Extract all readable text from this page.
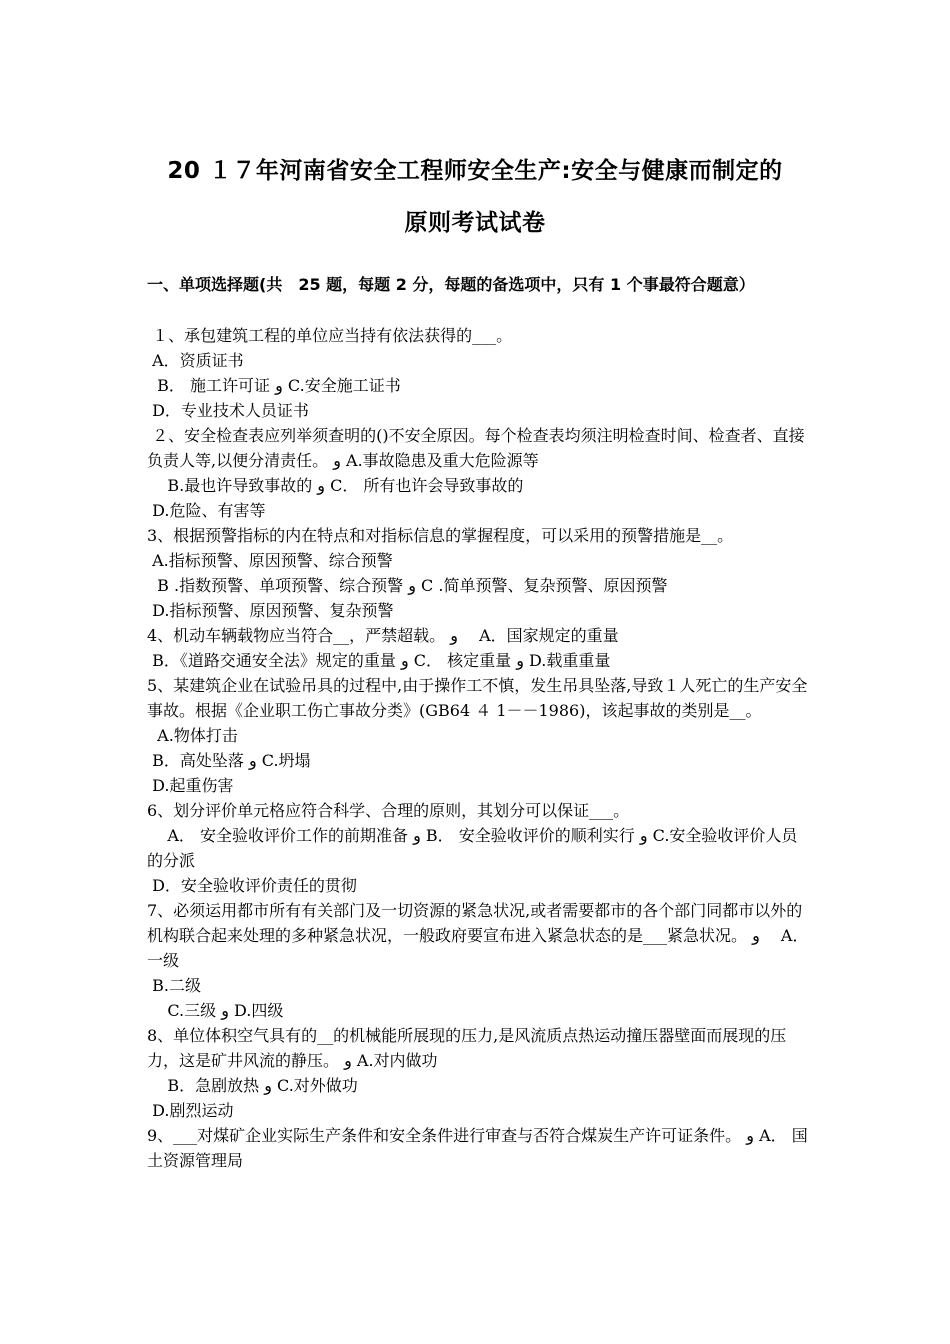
20 １７年河南省安全工程师安全生产:安全与健康而制定的
原则考试试卷
一、单项选择题(共　25 题，每题 2 分，每题的备选项中，只有 1 个事最符合题意）
１、承包建筑工程的单位应当持有依法获得的___。
A．资质证书
B． 施工许可证 و C.安全施工证书
D．专业技术人员证书
２、安全检查表应列举须查明的()不安全原因。每个检查表均须注明检查时间、检查者、直接负责人等,以便分清责任。 و A.事故隐患及重大危险源等
B.最也许导致事故的 و C． 所有也许会导致事故的
D.危险、有害等
3、根据预警指标的内在特点和对指标信息的掌握程度，可以采用的预警措施是__。
A.指标预警、原因预警、综合预警
B .指数预警、单项预警、综合预警 و C .简单预警、复杂预警、原因预警
D.指标预警、原因预警、复杂预警
4、机动车辆载物应当符合__，严禁超载。 و 　A．国家规定的重量
B．《道路交通安全法》规定的重量 و C． 核定重量 و D.载重重量
5、某建筑企业在试验吊具的过程中,由于操作工不慎，发生吊具坠落,导致１人死亡的生产安全事故。根据《企业职工伤亡事故分类》(GB64 ４ 1－－1986)，该起事故的类别是__。
A.物体打击
B．高处坠落 و C.坍塌
D.起重伤害
6、划分评价单元格应符合科学、合理的原则，其划分可以保证___。
A． 安全验收评价工作的前期准备 و B． 安全验收评价的顺利实行 و C.安全验收评价人员的分派
D．安全验收评价责任的贯彻
7、必须运用都市所有有关部门及一切资源的紧急状况,或者需要都市的各个部门同都市以外的机构联合起来处理的多种紧急状况，一般政府要宣布进入紧急状态的是___紧急状况。 و 　A． 一级
B.二级
C.三级 و D.四级
8、单位体积空气具有的__的机械能所展现的压力,是风流质点热运动撞压器壁面而展现的压力，这是矿井风流的静压。 و A.对内做功
B．急剧放热 و C.对外做功
D.剧烈运动
9、___对煤矿企业实际生产条件和安全条件进行审查与否符合煤炭生产许可证条件。 و A． 国土资源管理局
